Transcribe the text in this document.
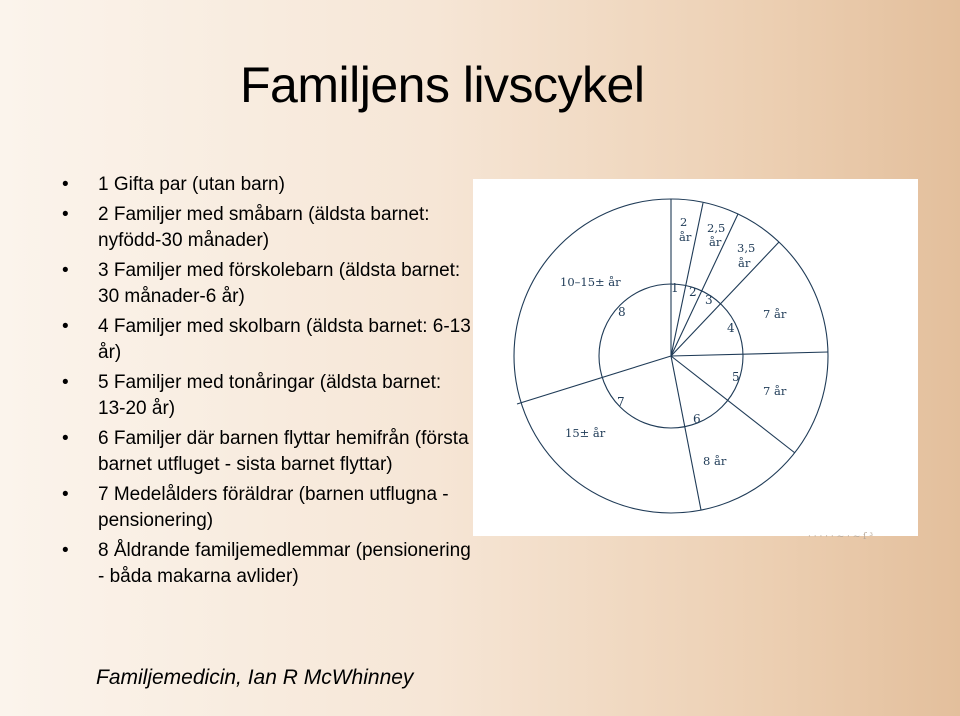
Familjens livscykel
• 1 Gifta par (utan barn)
• 2 Familjer med småbarn (äldsta barnet: nyfödd-30 månader)
• 3 Familjer med förskolebarn (äldsta barnet: 30 månader-6 år)
• 4 Familjer med skolbarn (äldsta barnet: 6-13 år)
• 5 Familjer med tonåringar (äldsta barnet: 13-20 år)
• 6 Familjer där barnen flyttar hemifrån (första barnet utfluget - sista barnet flyttar)
• 7 Medelålders föräldrar (barnen utflugna - pensionering)
• 8 Åldrande familjemedlemmar (pensionering - båda makarna avlider)
2
år
2,5
år 3,5
år
7 år
7 år
8 år
15± år
10–15± år	1 2
3
4
5
6
7
8
· · · · · ~ · ~ ſ ³
Familjemedicin, Ian R McWhinney
